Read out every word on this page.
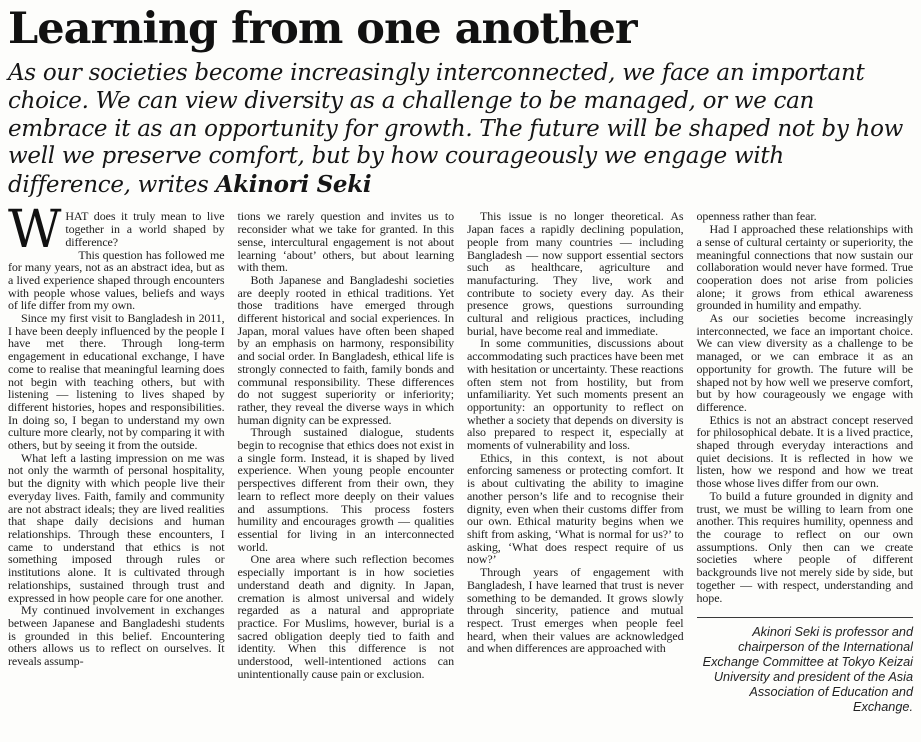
Learning from one another

As our societies become increasingly interconnected, we face an important choice. We can view diversity as a challenge to be managed, or we can embrace it as an opportunity for growth. The future will be shaped not by how well we preserve comfort, but by how courageously we engage with difference, writes Akinori Seki

WHAT does it truly mean to live together in a world shaped by difference?

This question has followed me for many years, not as an abstract idea, but as a lived experience shaped through encounters with people whose values, beliefs and ways of life differ from my own.

Since my first visit to Bangladesh in 2011, I have been deeply influenced by the people I have met there. Through long-term engagement in educational exchange, I have come to realise that meaningful learning does not begin with teaching others, but with listening — listening to lives shaped by different histories, hopes and responsibilities. In doing so, I began to understand my own culture more clearly, not by comparing it with others, but by seeing it from the outside.

What left a lasting impression on me was not only the warmth of personal hospitality, but the dignity with which people live their everyday lives. Faith, family and community are not abstract ideals; they are lived realities that shape daily decisions and human relationships. Through these encounters, I came to understand that ethics is not something imposed through rules or institutions alone. It is cultivated through relationships, sustained through trust and expressed in how people care for one another.

My continued involvement in exchanges between Japanese and Bangladeshi students is grounded in this belief. Encountering others allows us to reflect on ourselves. It reveals assump-

tions we rarely question and invites us to reconsider what we take for granted. In this sense, intercultural engagement is not about learning ‘about’ others, but about learning with them.

Both Japanese and Bangladeshi societies are deeply rooted in ethical traditions. Yet those traditions have emerged through different historical and social experiences. In Japan, moral values have often been shaped by an emphasis on harmony, responsibility and social order. In Bangladesh, ethical life is strongly connected to faith, family bonds and communal responsibility. These differences do not suggest superiority or inferiority; rather, they reveal the diverse ways in which human dignity can be expressed.

Through sustained dialogue, students begin to recognise that ethics does not exist in a single form. Instead, it is shaped by lived experience. When young people encounter perspectives different from their own, they learn to reflect more deeply on their values and assumptions. This process fosters humility and encourages growth — qualities essential for living in an interconnected world.

One area where such reflection becomes especially important is in how societies understand death and dignity. In Japan, cremation is almost universal and widely regarded as a natural and appropriate practice. For Muslims, however, burial is a sacred obligation deeply tied to faith and identity. When this difference is not understood, well-intentioned actions can unintentionally cause pain or exclusion.

This issue is no longer theoretical. As Japan faces a rapidly declining population, people from many countries — including Bangladesh — now support essential sectors such as healthcare, agriculture and manufacturing. They live, work and contribute to society every day. As their presence grows, questions surrounding cultural and religious practices, including burial, have become real and immediate.

In some communities, discussions about accommodating such practices have been met with hesitation or uncertainty. These reactions often stem not from hostility, but from unfamiliarity. Yet such moments present an opportunity: an opportunity to reflect on whether a society that depends on diversity is also prepared to respect it, especially at moments of vulnerability and loss.

Ethics, in this context, is not about enforcing sameness or protecting comfort. It is about cultivating the ability to imagine another person’s life and to recognise their dignity, even when their customs differ from our own. Ethical maturity begins when we shift from asking, ‘What is normal for us?’ to asking, ‘What does respect require of us now?’

Through years of engagement with Bangladesh, I have learned that trust is never something to be demanded. It grows slowly through sincerity, patience and mutual respect. Trust emerges when people feel heard, when their values are acknowledged and when differences are approached with

openness rather than fear.

Had I approached these relationships with a sense of cultural certainty or superiority, the meaningful connections that now sustain our collaboration would never have formed. True cooperation does not arise from policies alone; it grows from ethical awareness grounded in humility and empathy.

As our societies become increasingly interconnected, we face an important choice. We can view diversity as a challenge to be managed, or we can embrace it as an opportunity for growth. The future will be shaped not by how well we preserve comfort, but by how courageously we engage with difference.

Ethics is not an abstract concept reserved for philosophical debate. It is a lived practice, shaped through everyday interactions and quiet decisions. It is reflected in how we listen, how we respond and how we treat those whose lives differ from our own.

To build a future grounded in dignity and trust, we must be willing to learn from one another. This requires humility, openness and the courage to reflect on our own assumptions. Only then can we create societies where people of different backgrounds live not merely side by side, but together — with respect, understanding and hope.

Akinori Seki is professor and chairperson of the International Exchange Committee at Tokyo Keizai University and president of the Asia Association of Education and Exchange.
